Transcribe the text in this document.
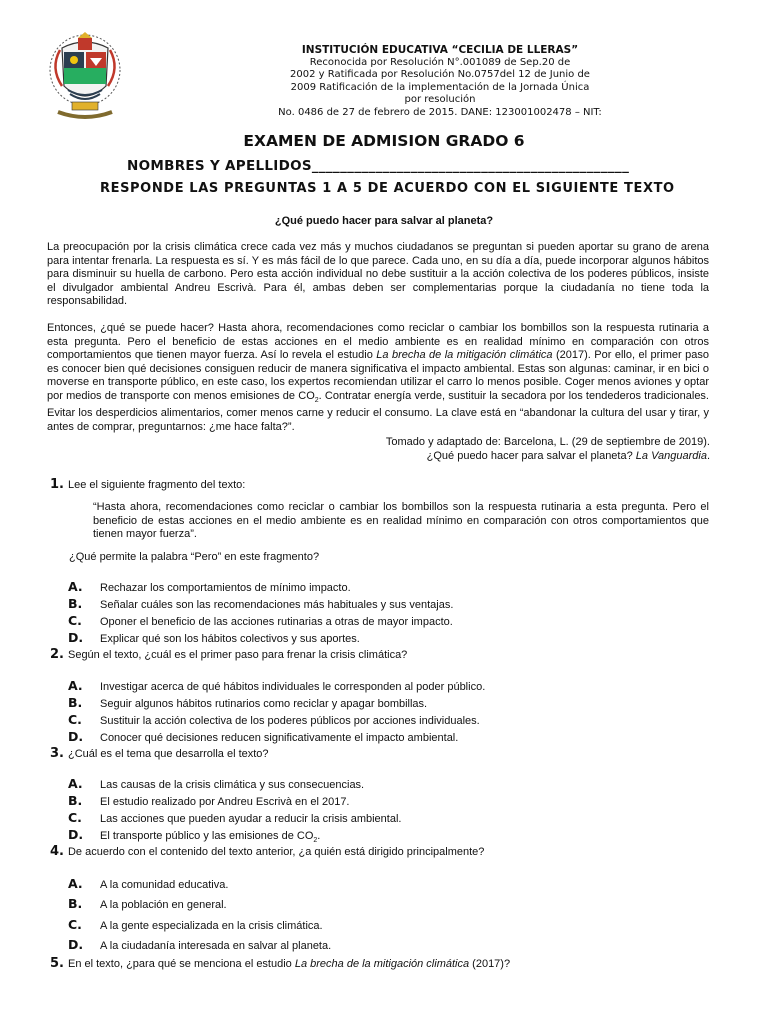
INSTITUCIÓN EDUCATIVA “CECILIA DE LLERAS”
Reconocida por Resolución N°.001089 de Sep.20 de
2002 y Ratificada por Resolución No.0757del 12 de Junio de
2009 Ratificación de la implementación de la Jornada Única
por resolución
No. 0486 de 27 de febrero de 2015. DANE: 123001002478 – NIT:
EXAMEN DE ADMISION GRADO 6
NOMBRES Y APELLIDOS_____________________________________________
RESPONDE LAS PREGUNTAS 1 A 5 DE ACUERDO CON EL SIGUIENTE TEXTO
¿Qué puedo hacer para salvar al planeta?
La preocupación por la crisis climática crece cada vez más y muchos ciudadanos se preguntan si pueden aportar su grano de arena para intentar frenarla. La respuesta es sí. Y es más fácil de lo que parece. Cada uno, en su día a día, puede incorporar algunos hábitos para disminuir su huella de carbono. Pero esta acción individual no debe sustituir a la acción colectiva de los poderes públicos, insiste el divulgador ambiental Andreu Escrivà. Para él, ambas deben ser complementarias porque la ciudadanía no tiene toda la responsabilidad.
Entonces, ¿qué se puede hacer? Hasta ahora, recomendaciones como reciclar o cambiar los bombillos son la respuesta rutinaria a esta pregunta. Pero el beneficio de estas acciones en el medio ambiente es en realidad mínimo en comparación con otros comportamientos que tienen mayor fuerza. Así lo revela el estudio La brecha de la mitigación climática (2017). Por ello, el primer paso es conocer bien qué decisiones consiguen reducir de manera significativa el impacto ambiental. Estas son algunas: caminar, ir en bici o moverse en transporte público, en este caso, los expertos recomiendan utilizar el carro lo menos posible. Coger menos aviones y optar por medios de transporte con menos emisiones de $CO_2$. Contratar energía verde, sustituir la secadora por los tendederos tradicionales. Evitar los desperdicios alimentarios, comer menos carne y reducir el consumo. La clave está en “abandonar la cultura del usar y tirar, y antes de comprar, preguntarnos: ¿me hace falta?”.
Tomado y adaptado de: Barcelona, L. (29 de septiembre de 2019).
¿Qué puedo hacer para salvar el planeta? La Vanguardia.
1. Lee el siguiente fragmento del texto:
“Hasta ahora, recomendaciones como reciclar o cambiar los bombillos son la respuesta rutinaria a esta pregunta. Pero el beneficio de estas acciones en el medio ambiente es en realidad mínimo en comparación con otros comportamientos que tienen mayor fuerza”.
¿Qué permite la palabra “Pero” en este fragmento?
A. Rechazar los comportamientos de mínimo impacto.
B. Señalar cuáles son las recomendaciones más habituales y sus ventajas.
C. Oponer el beneficio de las acciones rutinarias a otras de mayor impacto.
D. Explicar qué son los hábitos colectivos y sus aportes.
2. Según el texto, ¿cuál es el primer paso para frenar la crisis climática?
A. Investigar acerca de qué hábitos individuales le corresponden al poder público.
B. Seguir algunos hábitos rutinarios como reciclar y apagar bombillas.
C. Sustituir la acción colectiva de los poderes públicos por acciones individuales.
D. Conocer qué decisiones reducen significativamente el impacto ambiental.
3. ¿Cuál es el tema que desarrolla el texto?
A. Las causas de la crisis climática y sus consecuencias.
B. El estudio realizado por Andreu Escrivà en el 2017.
C. Las acciones que pueden ayudar a reducir la crisis ambiental.
D. El transporte público y las emisiones de $CO_2$.
4. De acuerdo con el contenido del texto anterior, ¿a quién está dirigido principalmente?
A. A la comunidad educativa.
B. A la población en general.
C. A la gente especializada en la crisis climática.
D. A la ciudadanía interesada en salvar al planeta.
5. En el texto, ¿para qué se menciona el estudio La brecha de la mitigación climática (2017)?
